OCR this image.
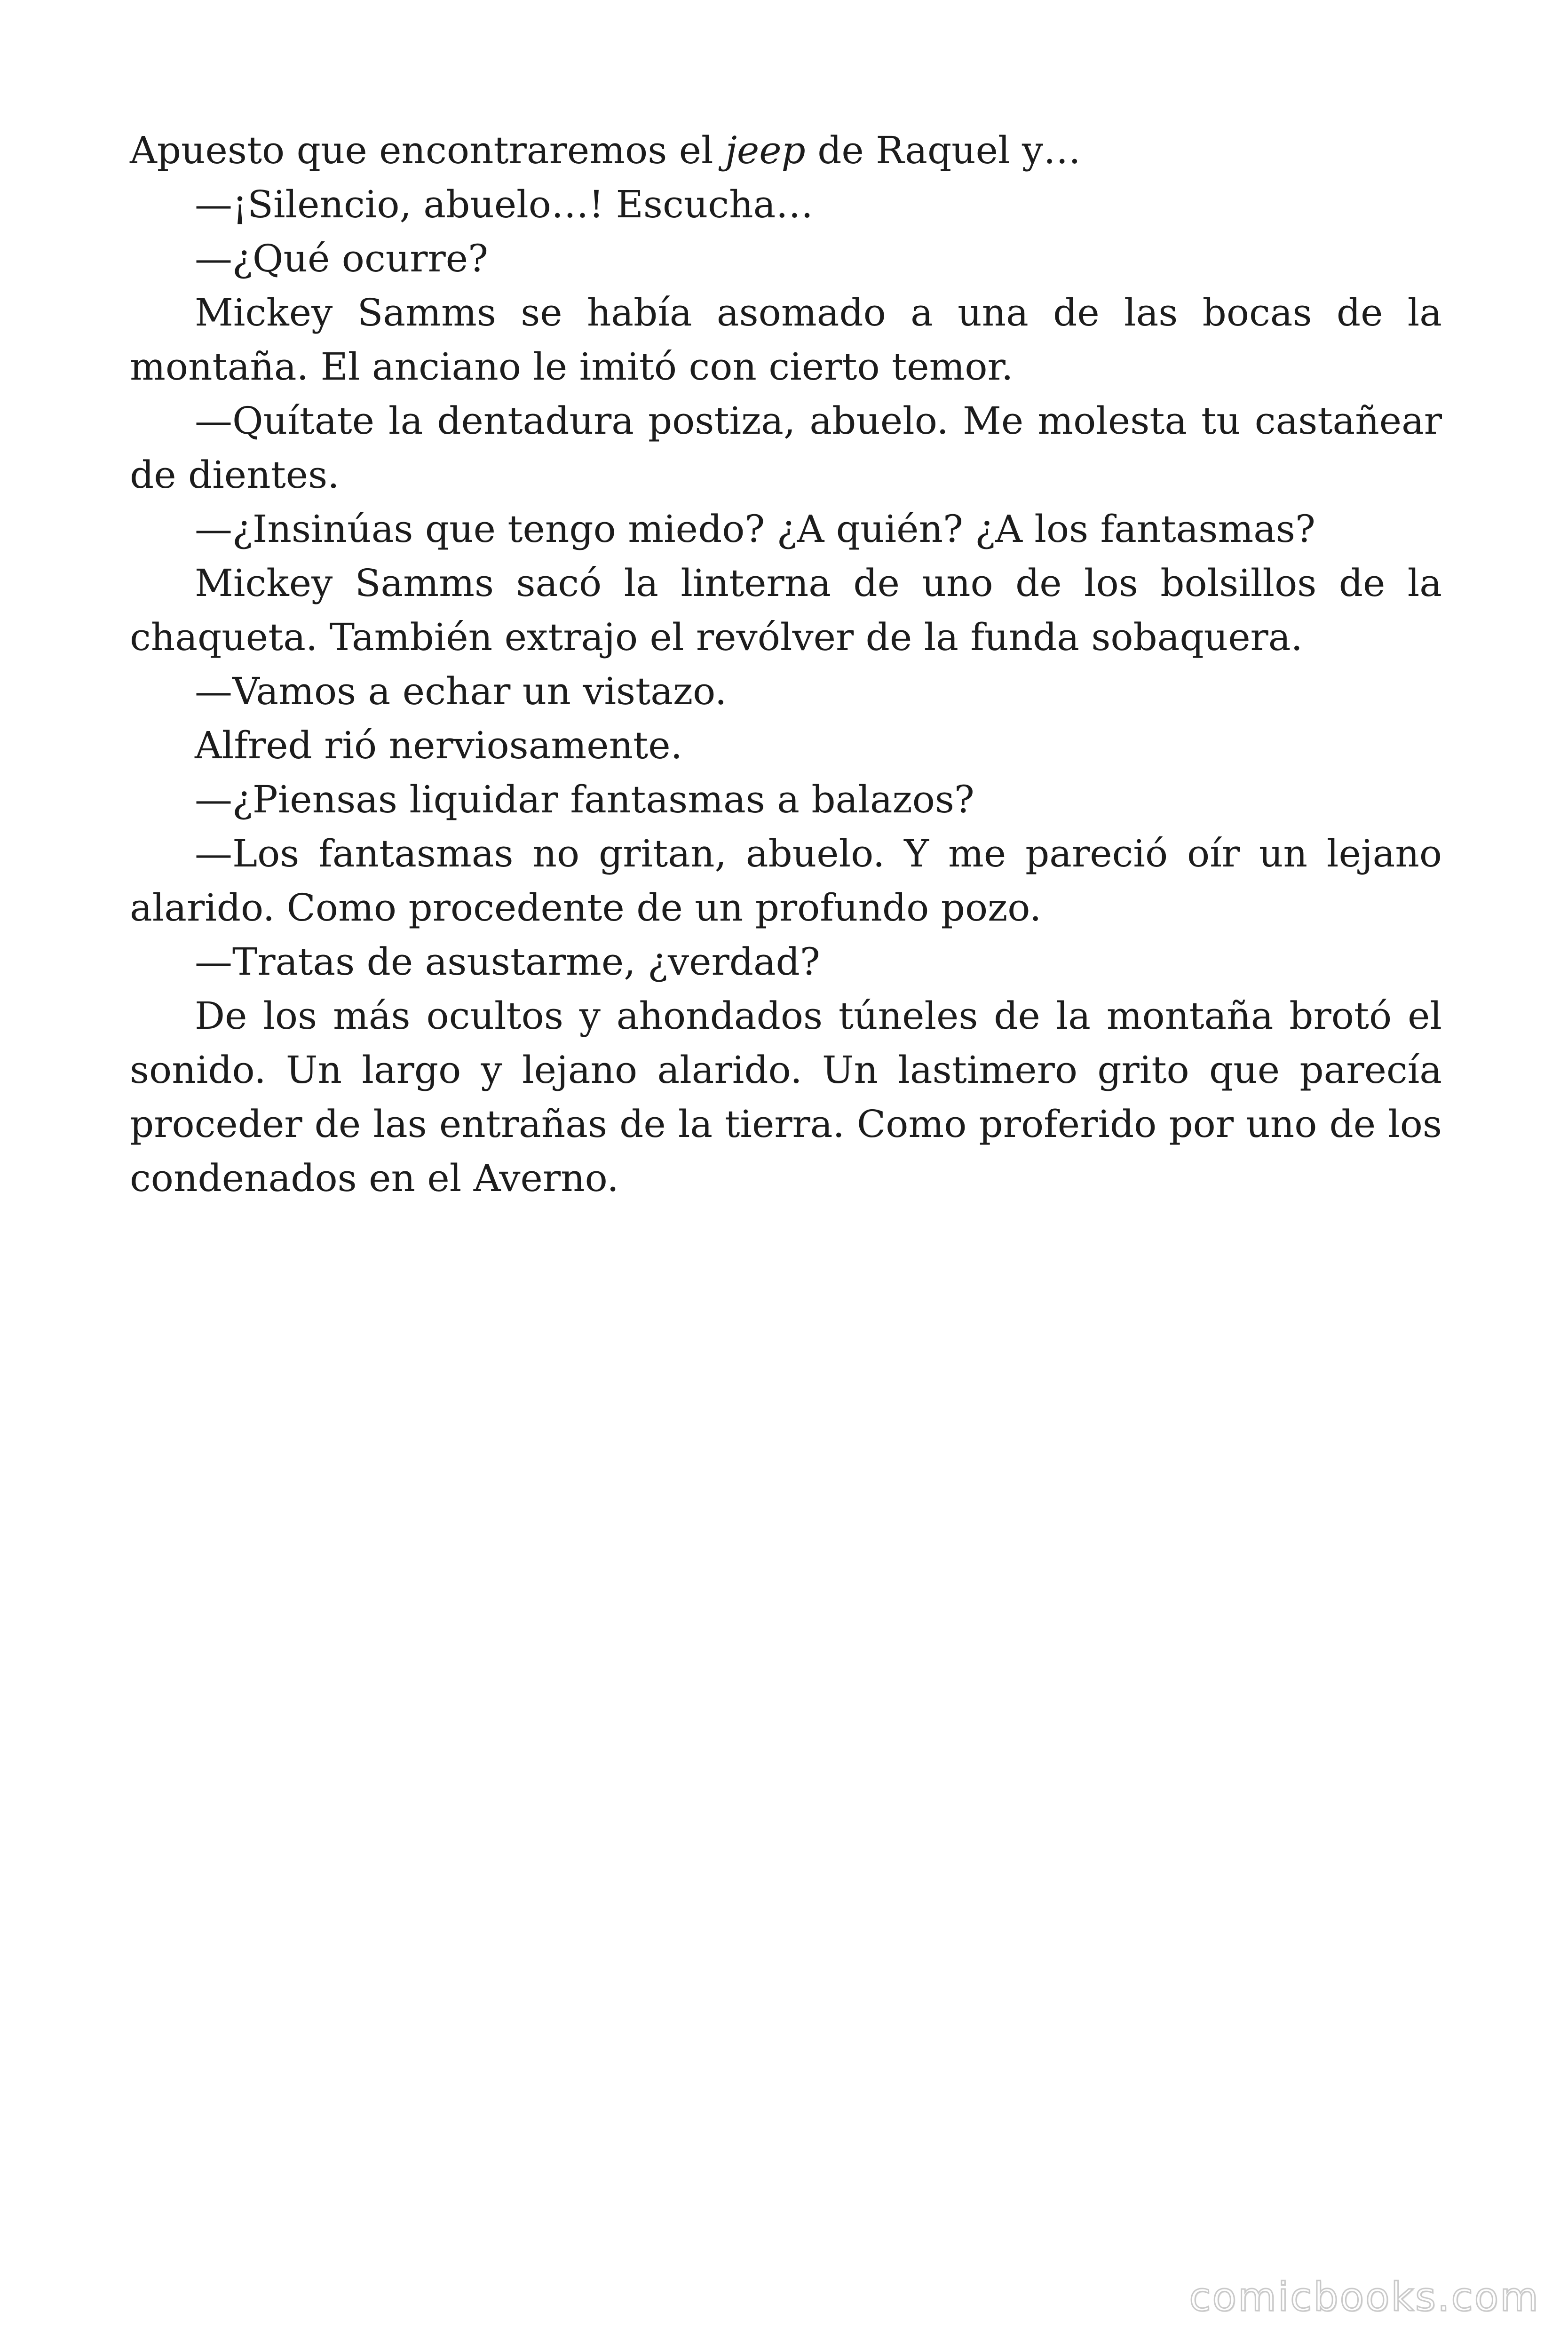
Apuesto que encontraremos el jeep de Raquel y…

—¡Silencio, abuelo…! Escucha…

—¿Qué ocurre?

Mickey Samms se había asomado a una de las bocas de la montaña. El anciano le imitó con cierto temor.

—Quítate la dentadura postiza, abuelo. Me molesta tu castañear de dientes.

—¿Insinúas que tengo miedo? ¿A quién? ¿A los fantasmas?

Mickey Samms sacó la linterna de uno de los bolsillos de la chaqueta. También extrajo el revólver de la funda sobaquera.

—Vamos a echar un vistazo.

Alfred rió nerviosamente.

—¿Piensas liquidar fantasmas a balazos?

—Los fantasmas no gritan, abuelo. Y me pareció oír un lejano alarido. Como procedente de un profundo pozo.

—Tratas de asustarme, ¿verdad?

De los más ocultos y ahondados túneles de la montaña brotó el sonido. Un largo y lejano alarido. Un lastimero grito que parecía proceder de las entrañas de la tierra. Como proferido por uno de los condenados en el Averno.

comicbooks.com
